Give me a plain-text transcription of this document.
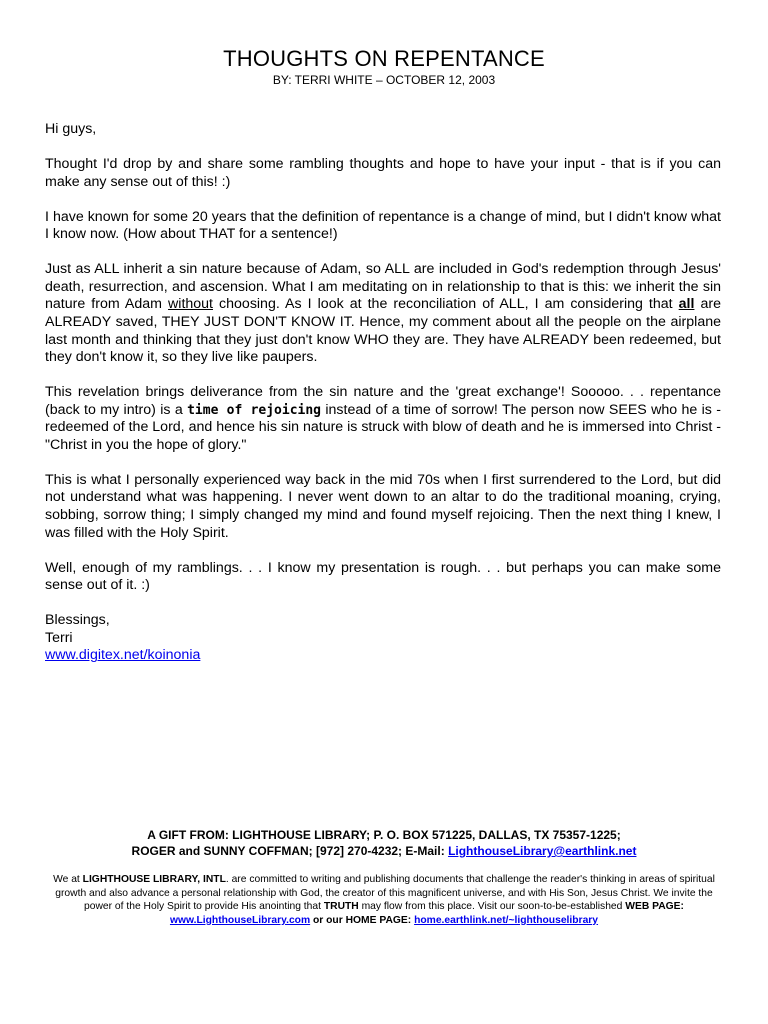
THOUGHTS ON REPENTANCE
BY: TERRI WHITE – OCTOBER 12, 2003

Hi guys,

Thought I'd drop by and share some rambling thoughts and hope to have your input - that is if you can make any sense out of this! :)

I have known for some 20 years that the definition of repentance is a change of mind, but I didn't know what I know now. (How about THAT for a sentence!)

Just as ALL inherit a sin nature because of Adam, so ALL are included in God's redemption through Jesus' death, resurrection, and ascension. What I am meditating on in relationship to that is this: we inherit the sin nature from Adam without choosing. As I look at the reconciliation of ALL, I am considering that all are ALREADY saved, THEY JUST DON'T KNOW IT. Hence, my comment about all the people on the airplane last month and thinking that they just don't know WHO they are. They have ALREADY been redeemed, but they don't know it, so they live like paupers.

This revelation brings deliverance from the sin nature and the 'great exchange'! Sooooo. . . repentance (back to my intro) is a time of rejoicing instead of a time of sorrow! The person now SEES who he is - redeemed of the Lord, and hence his sin nature is struck with blow of death and he is immersed into Christ - "Christ in you the hope of glory."

This is what I personally experienced way back in the mid 70s when I first surrendered to the Lord, but did not understand what was happening. I never went down to an altar to do the traditional moaning, crying, sobbing, sorrow thing; I simply changed my mind and found myself rejoicing. Then the next thing I knew, I was filled with the Holy Spirit.

Well, enough of my ramblings. . . I know my presentation is rough. . . but perhaps you can make some sense out of it. :)

Blessings,

Terri

www.digitex.net/koinonia

A GIFT FROM: LIGHTHOUSE LIBRARY; P. O. BOX 571225, DALLAS, TX 75357-1225;

ROGER and SUNNY COFFMAN; [972] 270-4232; E-Mail: LighthouseLibrary@earthlink.net

We at LIGHTHOUSE LIBRARY, INTL. are committed to writing and publishing documents that challenge the reader's thinking in areas of spiritual growth and also advance a personal relationship with God, the creator of this magnificent universe, and with His Son, Jesus Christ. We invite the power of the Holy Spirit to provide His anointing that TRUTH may flow from this place. Visit our soon-to-be-established WEB PAGE: www.LighthouseLibrary.com or our HOME PAGE: home.earthlink.net/~lighthouselibrary
